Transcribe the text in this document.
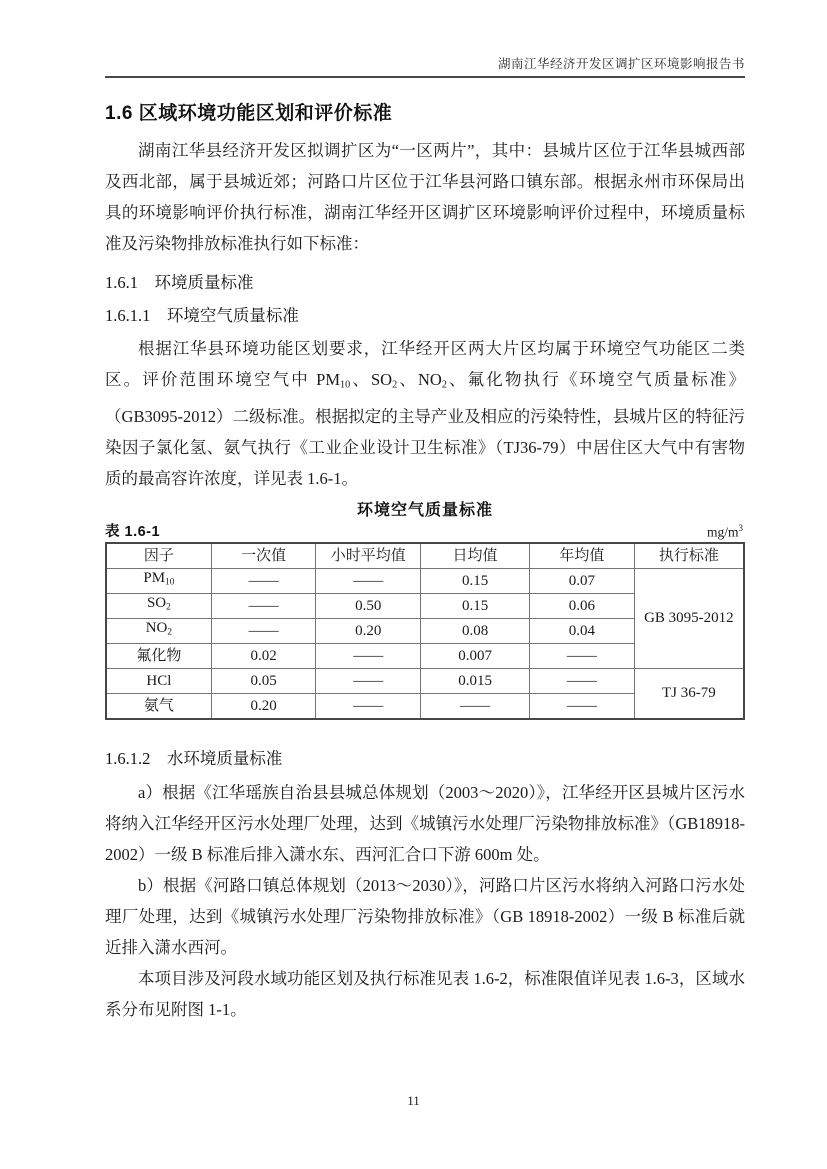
湖南江华经济开发区调扩区环境影响报告书
1.6 区域环境功能区划和评价标准

湖南江华县经济开发区拟调扩区为“一区两片”，其中：县城片区位于江华县城西部及西北部，属于县城近郊；河路口片区位于江华县河路口镇东部。根据永州市环保局出具的环境影响评价执行标准，湖南江华经开区调扩区环境影响评价过程中，环境质量标准及污染物排放标准执行如下标准：

1.6.1　环境质量标准
1.6.1.1　环境空气质量标准

根据江华县环境功能区划要求，江华经开区两大片区均属于环境空气功能区二类区。评价范围环境空气中 $PM_{10}$、$SO_2$、$NO_2$、氟化物执行《环境空气质量标准》（GB3095-2012）二级标准。根据拟定的主导产业及相应的污染特性，县城片区的特征污染因子氯化氢、氨气执行《工业企业设计卫生标准》（TJ36-79）中居住区大气中有害物质的最高容许浓度，详见表 1.6-1。

环境空气质量标准
表 1.6-1	$mg/m^3$
因子	一次值	小时平均值	日均值	年均值	执行标准
$PM_{10}$	——	——	0.15	0.07	GB 3095-2012
$SO_2$	——	0.50	0.15	0.06	
$NO_2$	——	0.20	0.08	0.04	
氟化物	0.02	——	0.007	——	
HCl	0.05	——	0.015	——	TJ 36-79
氨气	0.20	——	——	——	
1.6.1.2　水环境质量标准

a）根据《江华瑶族自治县县城总体规划（2003～2020）》，江华经开区县城片区污水将纳入江华经开区污水处理厂处理，达到《城镇污水处理厂污染物排放标准》（GB18918-2002）一级 B 标准后排入潇水东、西河汇合口下游 600m 处。

b）根据《河路口镇总体规划（2013～2030）》，河路口片区污水将纳入河路口污水处理厂处理，达到《城镇污水处理厂污染物排放标准》（GB 18918-2002）一级 B 标准后就近排入潇水西河。

本项目涉及河段水域功能区划及执行标准见表 1.6-2，标准限值详见表 1.6-3，区域水系分布见附图 1-1。

11
